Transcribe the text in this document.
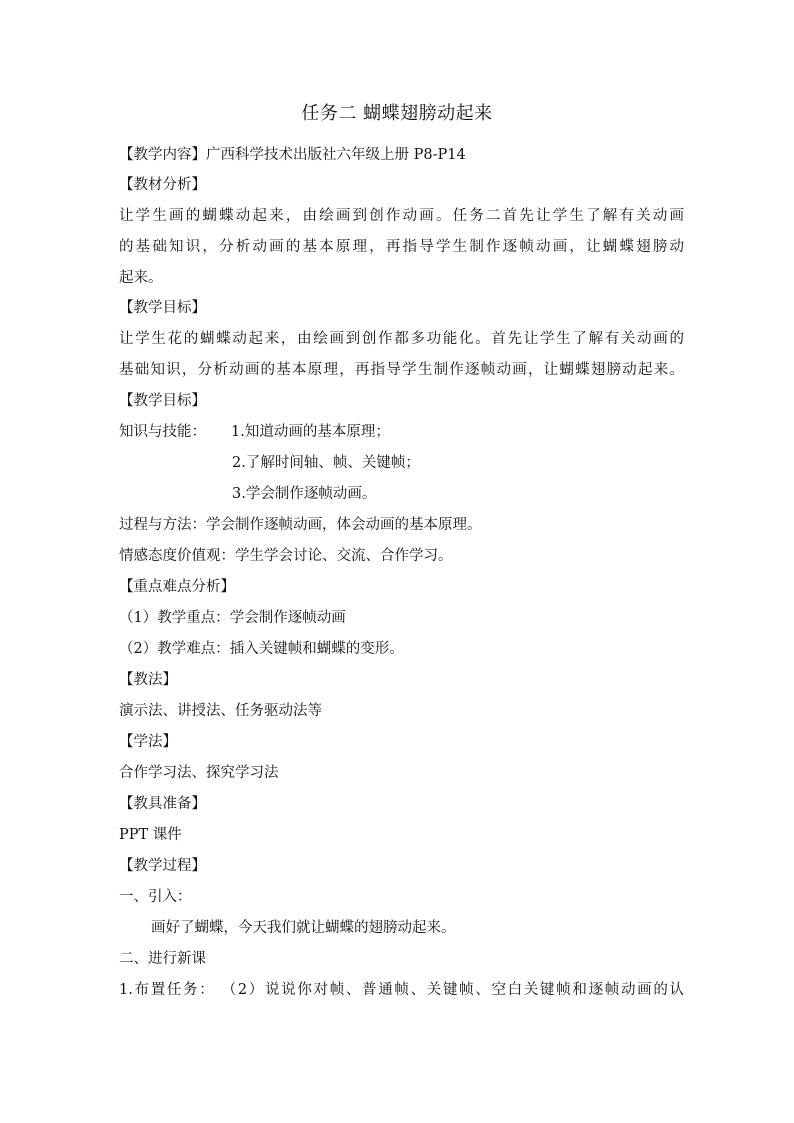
任务二 蝴蝶翅膀动起来
【教学内容】广西科学技术出版社六年级上册 P8-P14
【教材分析】
让学生画的蝴蝶动起来，由绘画到创作动画。任务二首先让学生了解有关动画
的基础知识，分析动画的基本原理，再指导学生制作逐帧动画，让蝴蝶翅膀动
起来。
【教学目标】
让学生花的蝴蝶动起来，由绘画到创作都多功能化。首先让学生了解有关动画的
基础知识，分析动画的基本原理，再指导学生制作逐帧动画，让蝴蝶翅膀动起来。
【教学目标】
知识与技能： 1.知道动画的基本原理；
2.了解时间轴、帧、关键帧；
3.学会制作逐帧动画。
过程与方法：学会制作逐帧动画，体会动画的基本原理。
情感态度价值观：学生学会讨论、交流、合作学习。
【重点难点分析】
（1）教学重点：学会制作逐帧动画
（2）教学难点：插入关键帧和蝴蝶的变形。
【教法】
演示法、讲授法、任务驱动法等
【学法】
合作学习法、探究学习法
【教具准备】
PPT 课件
【教学过程】
一、引入：
画好了蝴蝶，今天我们就让蝴蝶的翅膀动起来。
二、进行新课
1.布置任务： （2）说说你对帧、普通帧、关键帧、空白关键帧和逐帧动画的认
